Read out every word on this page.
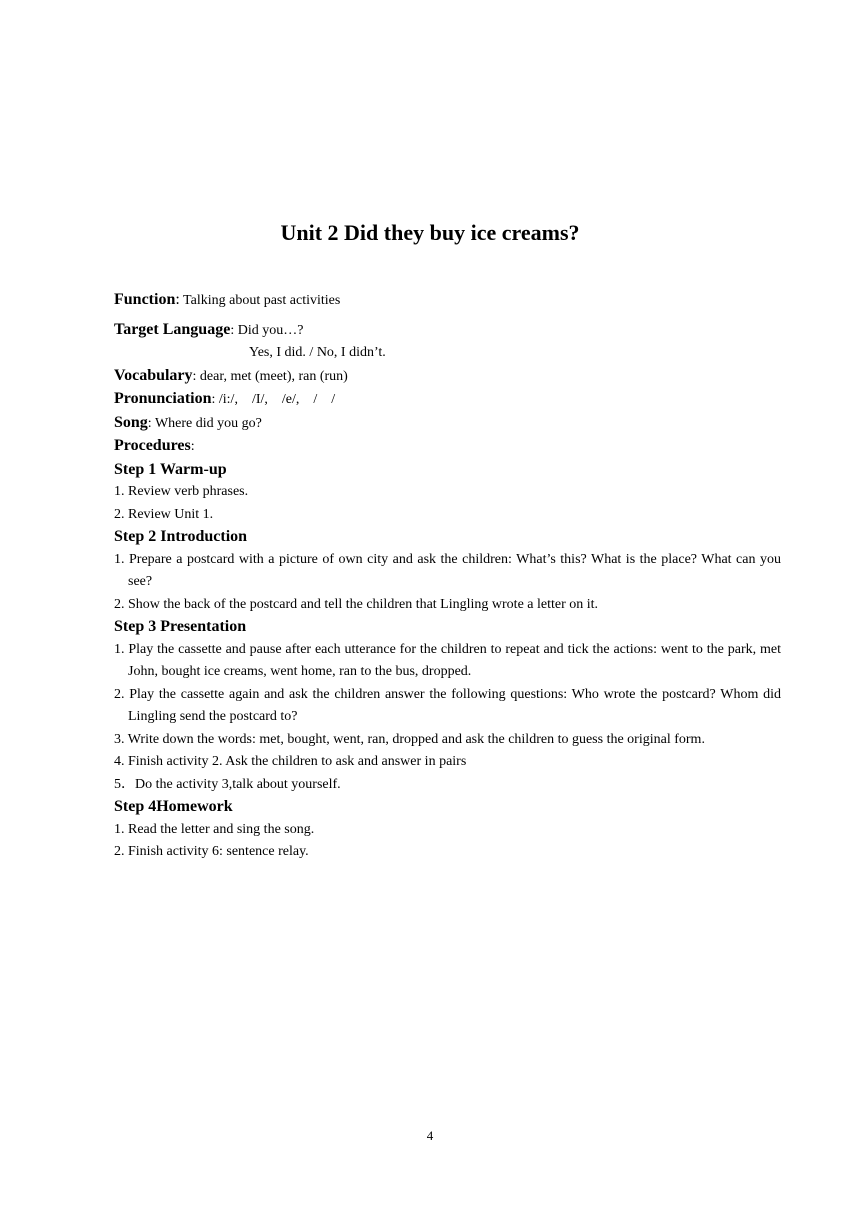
Unit 2 Did they buy ice creams?

Function: Talking about past activities

Target Language: Did you…?

Yes, I did. / No, I didn’t.

Vocabulary: dear, met (meet), ran (run)

Pronunciation: /i:/,    /I/,    /e/,    /    /

Song: Where did you go?

Procedures:

Step 1 Warm-up

1. Review verb phrases.

2. Review Unit 1.

Step 2 Introduction

1. Prepare a postcard with a picture of own city and ask the children: What’s this? What is the place? What can you see?

2. Show the back of the postcard and tell the children that Lingling wrote a letter on it.

Step 3 Presentation

1. Play the cassette and pause after each utterance for the children to repeat and tick the actions: went to the park, met John, bought ice creams, went home, ran to the bus, dropped.

2. Play the cassette again and ask the children answer the following questions: Who wrote the postcard? Whom did Lingling send the postcard to?

3. Write down the words: met, bought, went, ran, dropped and ask the children to guess the original form.

4. Finish activity 2. Ask the children to ask and answer in pairs

5．Do the activity 3,talk about yourself.

Step 4Homework

1. Read the letter and sing the song.

2. Finish activity 6: sentence relay.

4
